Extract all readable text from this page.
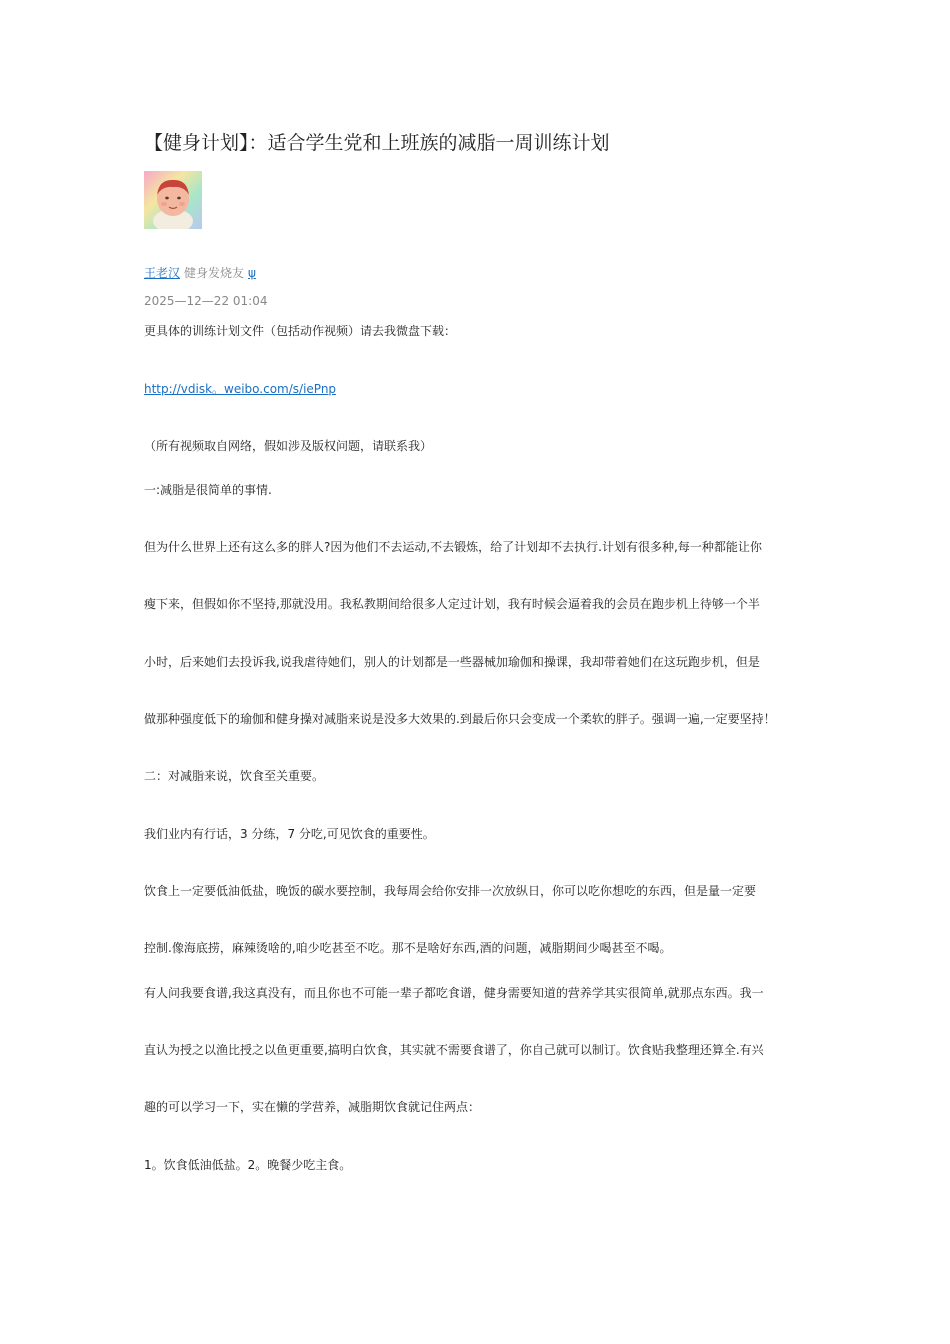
【健身计划】：适合学生党和上班族的减脂一周训练计划
王老汉 健身发烧友 ψ
2025—12—22 01:04
更具体的训练计划文件（包括动作视频）请去我微盘下载：
http://vdisk。weibo.com/s/iePnp
（所有视频取自网络，假如涉及版权问题，请联系我）
一:减脂是很简单的事情.
但为什么世界上还有这么多的胖人?因为他们不去运动,不去锻炼，给了计划却不去执行.计划有很多种,每一种都能让你
瘦下来，但假如你不坚持,那就没用。我私教期间给很多人定过计划，我有时候会逼着我的会员在跑步机上待够一个半
小时，后来她们去投诉我,说我虐待她们，别人的计划都是一些器械加瑜伽和操课，我却带着她们在这玩跑步机，但是
做那种强度低下的瑜伽和健身操对减脂来说是没多大效果的.到最后你只会变成一个柔软的胖子。强调一遍,一定要坚持！
二：对减脂来说，饮食至关重要。
我们业内有行话，3 分练，7 分吃,可见饮食的重要性。
饮食上一定要低油低盐，晚饭的碳水要控制，我每周会给你安排一次放纵日，你可以吃你想吃的东西，但是量一定要
控制.像海底捞，麻辣烫啥的,咱少吃甚至不吃。那不是啥好东西,酒的问题，减脂期间少喝甚至不喝。
有人问我要食谱,我这真没有，而且你也不可能一辈子都吃食谱，健身需要知道的营养学其实很简单,就那点东西。我一
直认为授之以渔比授之以鱼更重要,搞明白饮食，其实就不需要食谱了，你自己就可以制订。饮食贴我整理还算全.有兴
趣的可以学习一下，实在懒的学营养，减脂期饮食就记住两点：
1。饮食低油低盐。2。晚餐少吃主食。
